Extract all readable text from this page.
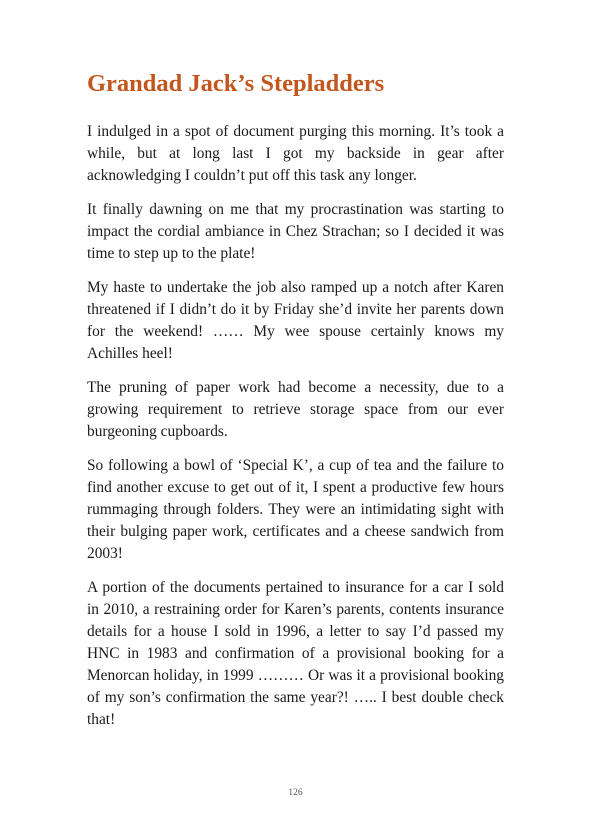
Grandad Jack’s Stepladders

I indulged in a spot of document purging this morning. It’s took a while, but at long last I got my backside in gear after acknowledging I couldn’t put off this task any longer.

It finally dawning on me that my procrastination was starting to impact the cordial ambiance in Chez Strachan; so I decided it was time to step up to the plate!

My haste to undertake the job also ramped up a notch after Karen threatened if I didn’t do it by Friday she’d invite her parents down for the weekend! …… My wee spouse certainly knows my Achilles heel!

The pruning of paper work had become a necessity, due to a growing requirement to retrieve storage space from our ever burgeoning cupboards.

So following a bowl of ‘Special K’, a cup of tea and the failure to find another excuse to get out of it, I spent a productive few hours rummaging through folders. They were an intimidating sight with their bulging paper work, certificates and a cheese sandwich from 2003!

A portion of the documents pertained to insurance for a car I sold in 2010, a restraining order for Karen’s parents, contents insurance details for a house I sold in 1996, a letter to say I’d passed my HNC in 1983 and confirmation of a provisional booking for a Menorcan holiday, in 1999 ……… Or was it a provisional booking of my son’s confirmation the same year?! ….. I best double check that!

126
